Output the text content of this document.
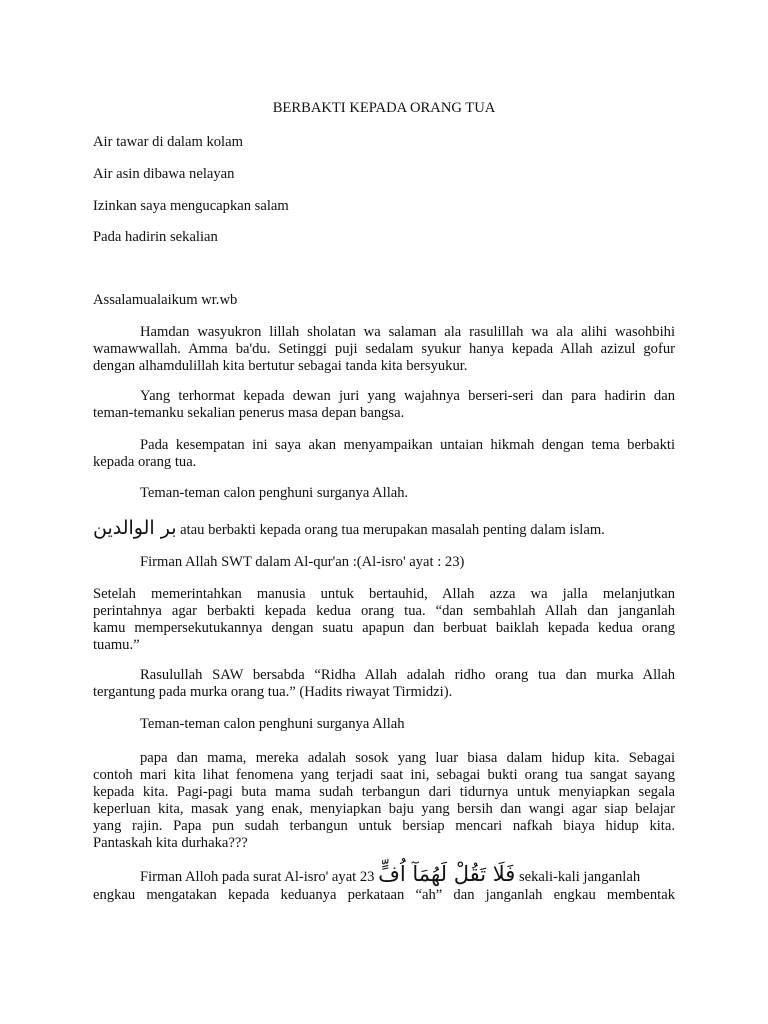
BERBAKTI KEPADA ORANG TUA
Air tawar di dalam kolam
Air asin dibawa nelayan
Izinkan saya mengucapkan salam
Pada hadirin sekalian
Assalamualaikum wr.wb
Hamdan wasyukron lillah sholatan wa salaman ala rasulillah wa ala alihi wasohbihi
wamawwallah. Amma ba'du. Setinggi puji sedalam syukur hanya kepada Allah azizul gofur
dengan alhamdulillah kita bertutur sebagai tanda kita bersyukur.
Yang terhormat kepada dewan juri yang wajahnya berseri-seri dan para hadirin dan
teman-temanku sekalian penerus masa depan bangsa.
Pada kesempatan ini saya akan menyampaikan untaian hikmah dengan tema berbakti
kepada orang tua.
Teman-teman calon penghuni surganya Allah.
بر الوالدين atau berbakti kepada orang tua merupakan masalah penting dalam islam.
Firman Allah SWT dalam Al-qur'an :(Al-isro' ayat : 23)
Setelah memerintahkan manusia untuk bertauhid, Allah azza wa jalla melanjutkan
perintahnya agar berbakti kepada kedua orang tua. “dan sembahlah Allah dan janganlah
kamu mempersekutukannya dengan suatu apapun dan berbuat baiklah kepada kedua orang
tuamu.”
Rasulullah SAW bersabda “Ridha Allah adalah ridho orang tua dan murka Allah
tergantung pada murka orang tua.” (Hadits riwayat Tirmidzi).
Teman-teman calon penghuni surganya Allah
papa dan mama, mereka adalah sosok yang luar biasa dalam hidup kita. Sebagai
contoh mari kita lihat fenomena yang terjadi saat ini, sebagai bukti orang tua sangat sayang
kepada kita. Pagi-pagi buta mama sudah terbangun dari tidurnya untuk menyiapkan segala
keperluan kita, masak yang enak, menyiapkan baju yang bersih dan wangi agar siap belajar
yang rajin. Papa pun sudah terbangun untuk bersiap mencari nafkah biaya hidup kita.
Pantaskah kita durhaka???
Firman Alloh pada surat Al-isro' ayat 23 فَلَا تَقُلْ لَهُمَآ اُفٍّ sekali-kali janganlah
engkau mengatakan kepada keduanya perkataan “ah” dan janganlah engkau membentak
